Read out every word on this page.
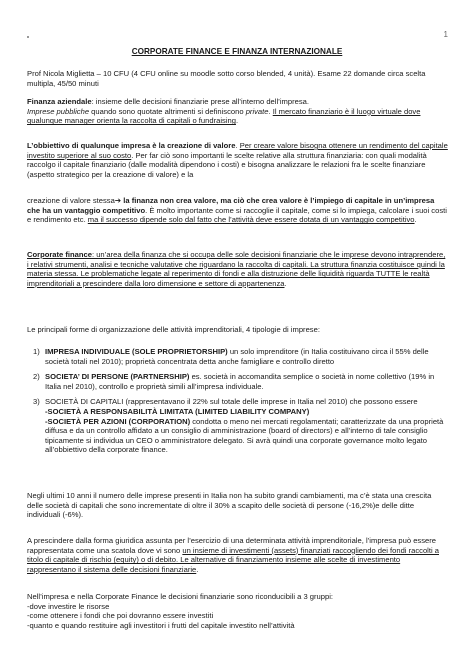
1
CORPORATE FINANCE E FINANZA INTERNAZIONALE

Prof Nicola Miglietta – 10 CFU (4 CFU online su moodle sotto corso blended, 4 unità). Esame 22 domande circa scelta multipla, 45/50 minuti

Finanza aziendale: insieme delle decisioni finanziarie prese all’interno dell’impresa.

Imprese pubbliche quando sono quotate altrimenti si definiscono private. Il mercato finanziario è il luogo virtuale dove qualunque manager orienta la raccolta di capitali o fundraising.

L’obbiettivo di qualunque impresa è la creazione di valore. Per creare valore bisogna ottenere un rendimento del capitale investito superiore al suo costo. Per far ciò sono importanti le scelte relative alla struttura finanziaria: con quali modalità raccolgo il capitale finanziario (dalle modalità dipendono i costi) e bisogna analizzare le relazioni fra le scelte finanziare (aspetto strategico per la creazione di valore) e la

creazione di valore stessa➔ la finanza non crea valore, ma ciò che crea valore è l’impiego di capitale in un’impresa che ha un vantaggio competitivo. È molto importante come si raccoglie il capitale, come si lo impiega, calcolare i suoi costi e rendimento etc. ma il successo dipende solo dal fatto che l’attività deve essere dotata di un vantaggio competitivo.

Corporate finance: un’area della finanza che si occupa delle sole decisioni finanziarie che le imprese devono intraprendere, i relativi strumenti, analisi e tecniche valutative che riguardano la raccolta di capitali. La struttura finanzia costituisce quindi la materia stessa. Le problematiche legate al reperimento di fondi e alla distruzione delle liquidità riguarda TUTTE le realtà imprenditoriali a prescindere dalla loro dimensione e settore di appartenenza.

Le principali forme di organizzazione delle attività imprenditoriali, 4 tipologie di imprese:

1) IMPRESA INDIVIDUALE (SOLE PROPRIETORSHIP) un solo imprenditore (in Italia costituivano circa il 55% delle società totali nel 2010); proprietà concentrata detta anche famigliare e controllo diretto
2) SOCIETA’ DI PERSONE (PARTNERSHIP) es. società in accomandita semplice o società in nome collettivo (19% in Italia nel 2010), controllo e proprietà simili all’impresa individuale.
3) SOCIETÀ DI CAPITALI (rappresentavano il 22% sul totale delle imprese in Italia nel 2010) che possono essere
-SOCIETÀ A RESPONSABILITÀ LIMITATA (LIMITED LIABILITY COMPANY)
-SOCIETÀ PER AZIONI (CORPORATION) condotta o meno nei mercati regolamentati; caratterizzate da una proprietà diffusa e da un controllo affidato a un consiglio di amministrazione (board of directors) e all’interno di tale consiglio tipicamente si individua un CEO o amministratore delegato. Si avrà quindi una corporate governance molto legato all’obbiettivo della corporate finance.

Negli ultimi 10 anni il numero delle imprese presenti in Italia non ha subito grandi cambiamenti, ma c’è stata una crescita delle società di capitali che sono incrementate di oltre il 30% a scapito delle società di persone (-16,2%)e delle ditte individuali (-6%).

A prescindere dalla forma giuridica assunta per l’esercizio di una determinata attività imprenditoriale, l’impresa può essere rappresentata come una scatola dove vi sono un insieme di investimenti (assets) finanziati raccogliendo dei fondi raccolti a titolo di capitale di rischio (equity) o di debito. Le alternative di finanziamento insieme alle scelte di investimento rappresentano il sistema delle decisioni finanziarie.

Nell’impresa e nella Corporate Finance le decisioni finanziarie sono riconducibili a 3 gruppi:

-dove investire le risorse

-come ottenere i fondi che poi dovranno essere investiti

-quanto e quando restituire agli investitori i frutti del capitale investito nell’attività
